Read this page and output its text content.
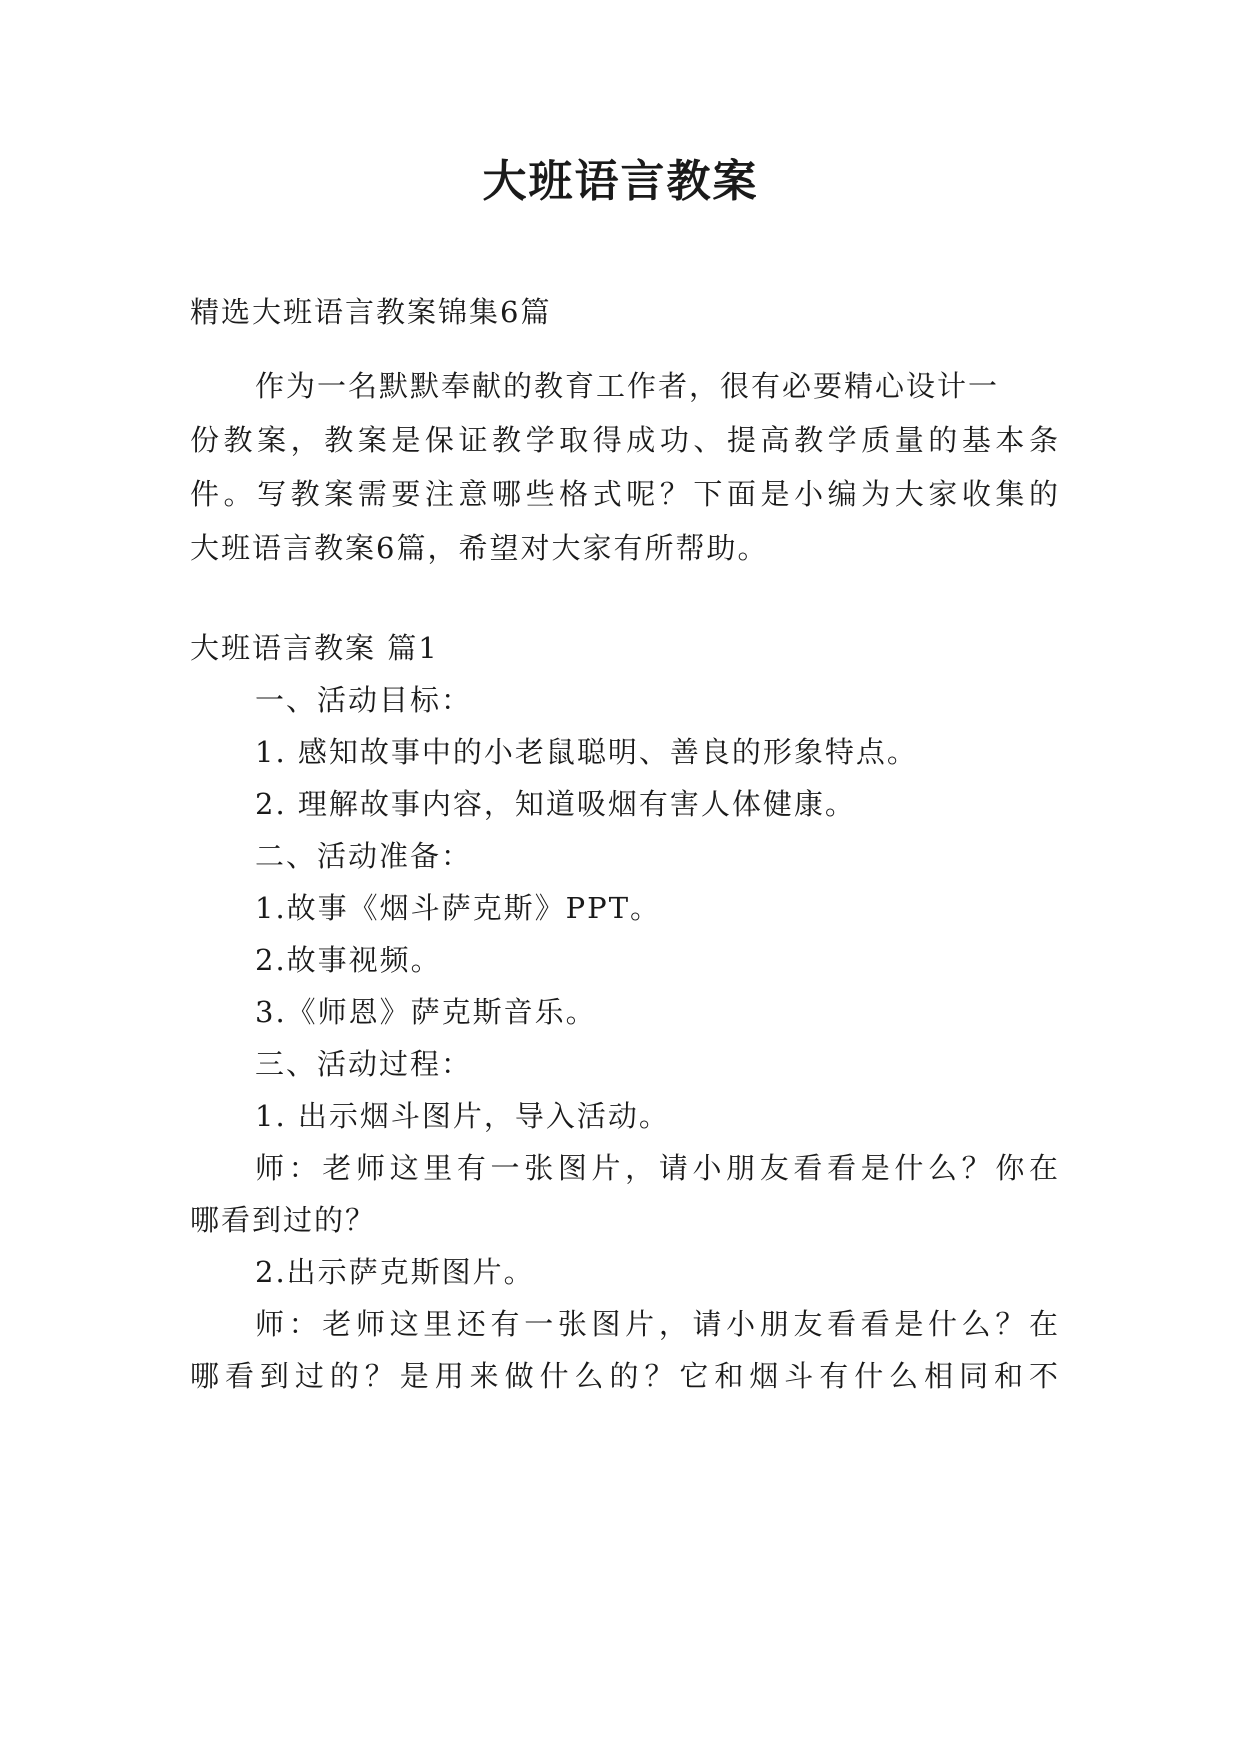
大班语言教案
精选大班语言教案锦集6篇
作为一名默默奉献的教育工作者，很有必要精心设计一
份教案，教案是保证教学取得成功、提高教学质量的基本条
件。写教案需要注意哪些格式呢？下面是小编为大家收集的
大班语言教案6篇，希望对大家有所帮助。
大班语言教案 篇1
一、活动目标：
1. 感知故事中的小老鼠聪明、善良的形象特点。
2. 理解故事内容，知道吸烟有害人体健康。
二、活动准备：
1.故事《烟斗萨克斯》PPT。
2.故事视频。
3.《师恩》萨克斯音乐。
三、活动过程：
1. 出示烟斗图片，导入活动。
师：老师这里有一张图片，请小朋友看看是什么？你在
哪看到过的？
2.出示萨克斯图片。
师：老师这里还有一张图片，请小朋友看看是什么？在
哪看到过的？是用来做什么的？它和烟斗有什么相同和不
